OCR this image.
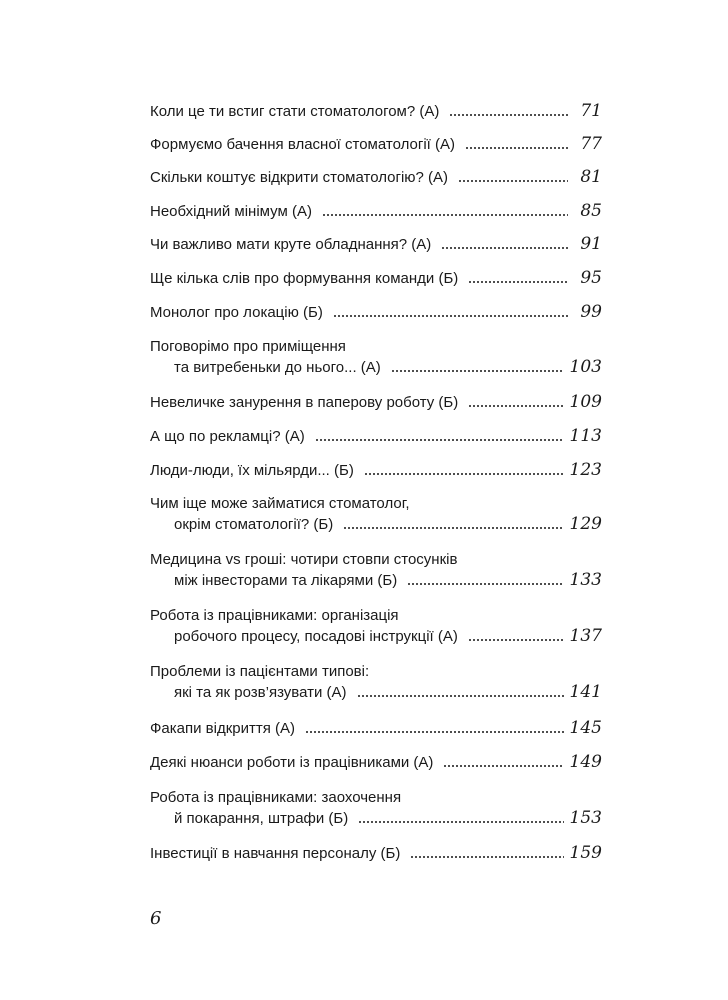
Коли це ти встиг стати стоматологом? (А)	71
Формуємо бачення власної стоматології (А)	77
Скільки коштує відкрити стоматологію? (А)	81
Необхідний мінімум (А)	85
Чи важливо мати круте обладнання? (А)	91
Ще кілька слів про формування команди (Б)	95
Монолог про локацію (Б)	99
Поговорімо про приміщення
та витребеньки до нього... (А)	103
Невеличке занурення в паперову роботу (Б)	109
А що по рекламці? (А)	113
Люди-люди, їх мільярди... (Б)	123
Чим іще може займатися стоматолог,
окрім стоматології? (Б)	129
Медицина vs гроші: чотири стовпи стосунків
між інвесторами та лікарями (Б)	133
Робота із працівниками: організація
робочого процесу, посадові інструкції (А)	137
Проблеми із пацієнтами типові:
які та як розв’язувати (А)	141
Факапи відкриття (А)	145
Деякі нюанси роботи із працівниками (А)	149
Робота із працівниками: заохочення
й покарання, штрафи (Б)	153
Інвестиції в навчання персоналу (Б)	159
6
